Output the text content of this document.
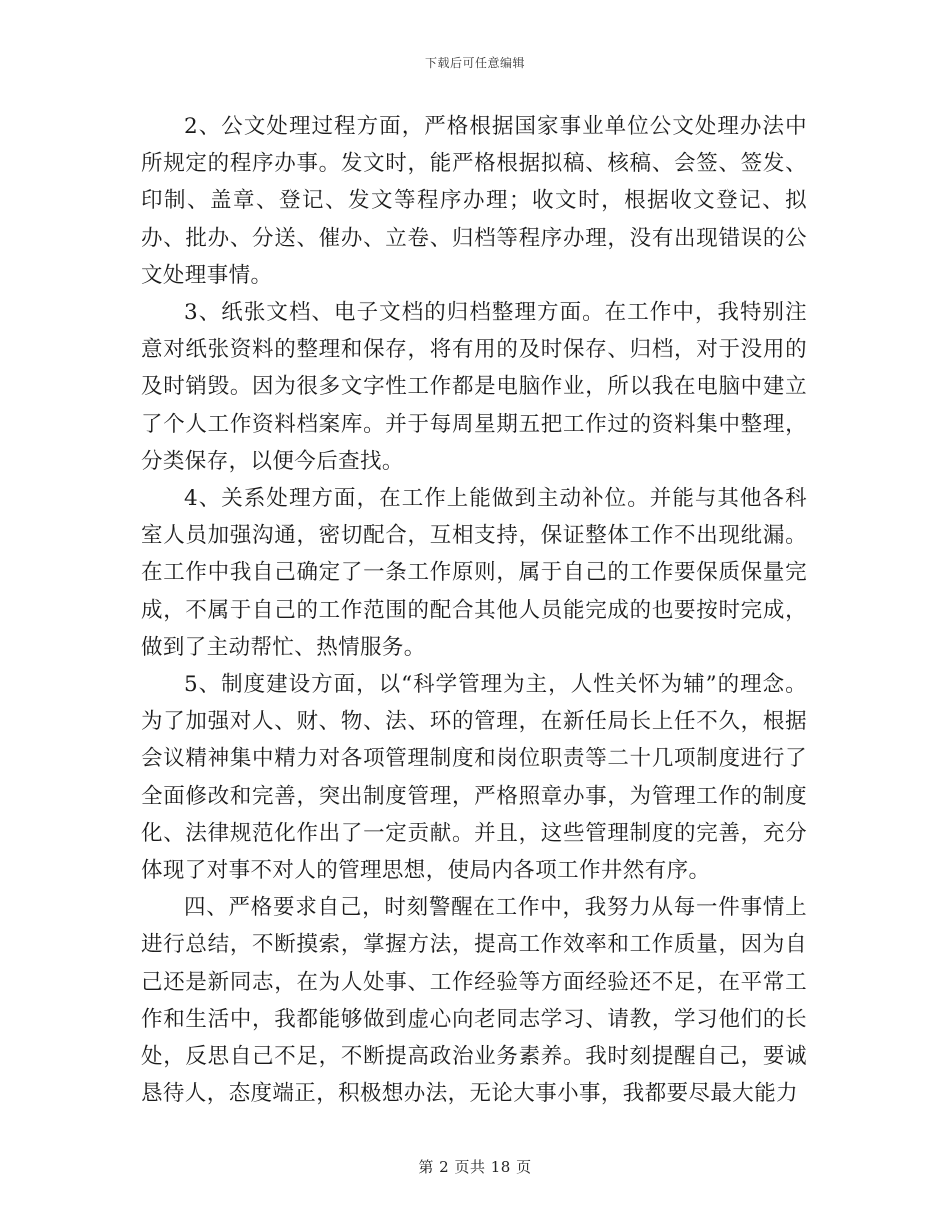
下载后可任意编辑

2、公文处理过程方面，严格根据国家事业单位公文处理办法中所规定的程序办事。发文时，能严格根据拟稿、核稿、会签、签发、印制、盖章、登记、发文等程序办理；收文时，根据收文登记、拟办、批办、分送、催办、立卷、归档等程序办理，没有出现错误的公文处理事情。

3、纸张文档、电子文档的归档整理方面。在工作中，我特别注意对纸张资料的整理和保存，将有用的及时保存、归档，对于没用的及时销毁。因为很多文字性工作都是电脑作业，所以我在电脑中建立了个人工作资料档案库。并于每周星期五把工作过的资料集中整理，分类保存，以便今后查找。

4、关系处理方面，在工作上能做到主动补位。并能与其他各科室人员加强沟通，密切配合，互相支持，保证整体工作不出现纰漏。在工作中我自己确定了一条工作原则，属于自己的工作要保质保量完成，不属于自己的工作范围的配合其他人员能完成的也要按时完成，做到了主动帮忙、热情服务。

5、制度建设方面，以“科学管理为主，人性关怀为辅”的理念。为了加强对人、财、物、法、环的管理，在新任局长上任不久，根据会议精神集中精力对各项管理制度和岗位职责等二十几项制度进行了全面修改和完善，突出制度管理，严格照章办事，为管理工作的制度化、法律规范化作出了一定贡献。并且，这些管理制度的完善，充分体现了对事不对人的管理思想，使局内各项工作井然有序。

四、严格要求自己，时刻警醒在工作中，我努力从每一件事情上进行总结，不断摸索，掌握方法，提高工作效率和工作质量，因为自己还是新同志，在为人处事、工作经验等方面经验还不足，在平常工作和生活中，我都能够做到虚心向老同志学习、请教，学习他们的长处，反思自己不足，不断提高政治业务素养。我时刻提醒自己，要诚恳待人，态度端正，积极想办法，无论大事小事，我都要尽最大能力

第 2 页共 18 页
